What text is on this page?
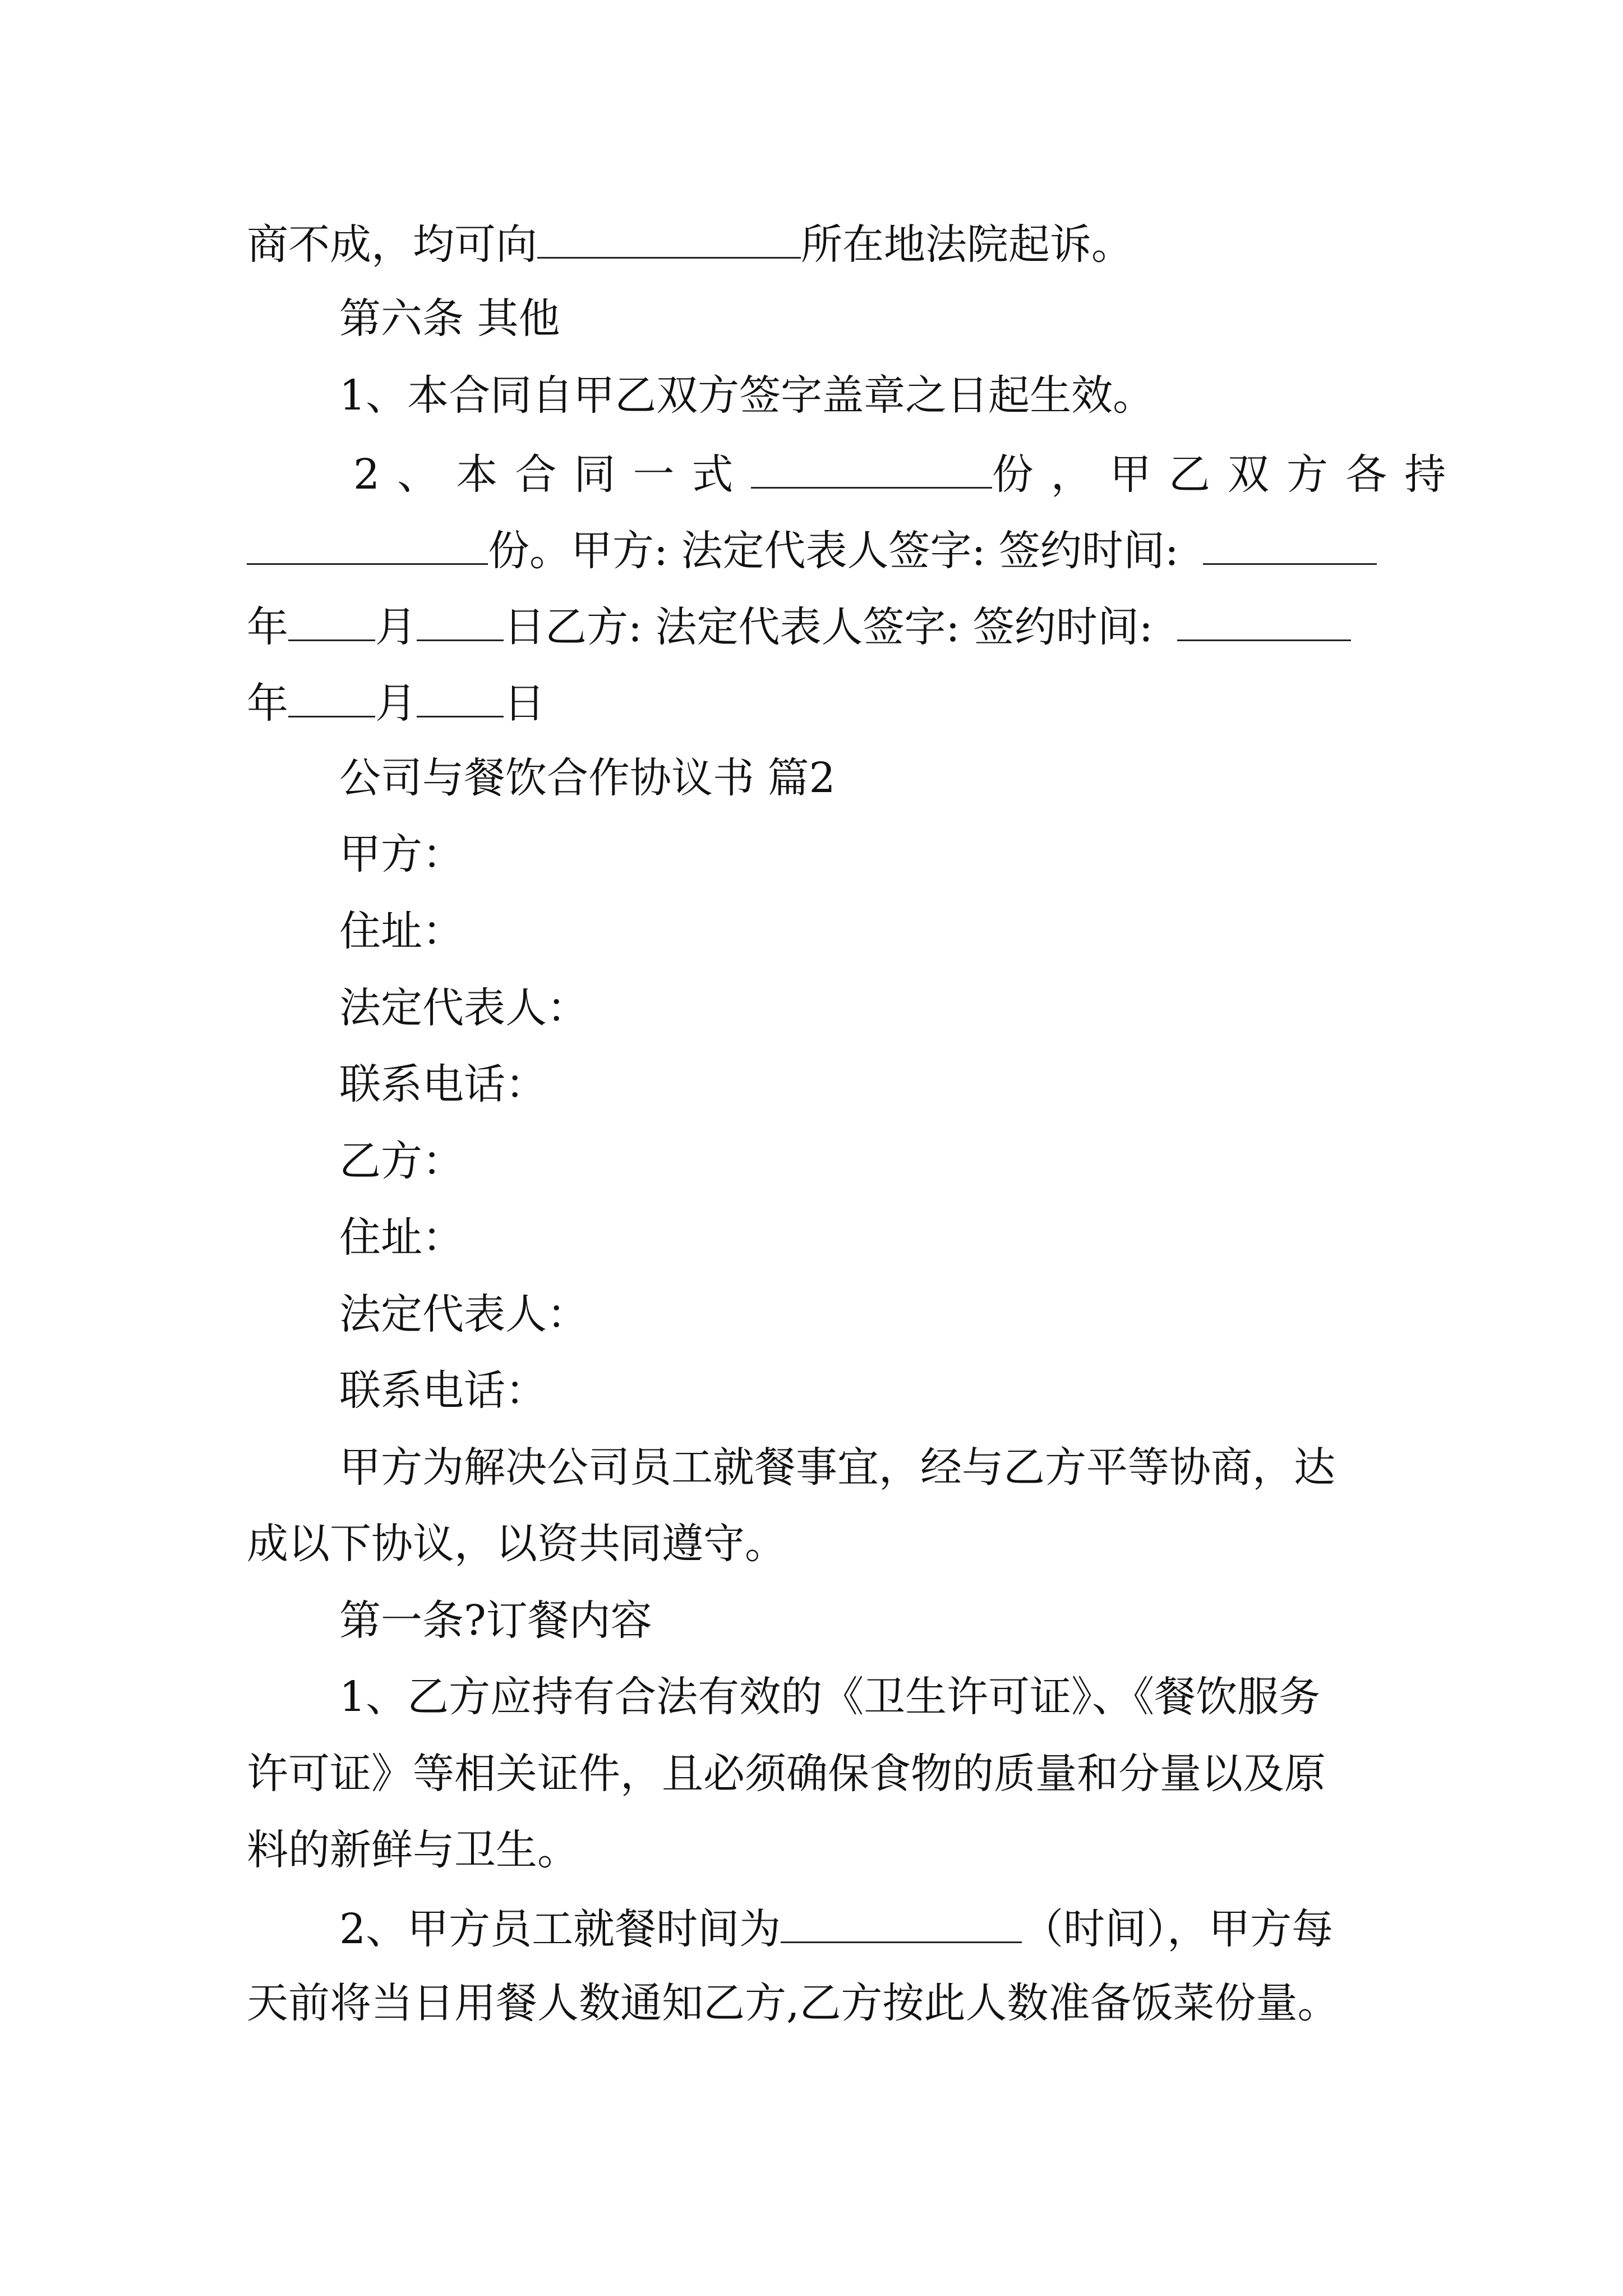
商不成，均可向	所在地法院起诉。
第六条 其他
1、本合同自甲乙双方签字盖章之日起生效。
2、本合同一式	份，甲乙双方各持
份。甲方: 法定代表人签字: 签约时间:
年 月 日乙方: 法定代表人签字: 签约时间:
年 月 日
公司与餐饮合作协议书 篇2
甲方：
住址：
法定代表人：
联系电话：
乙方：
住址：
法定代表人：
联系电话：
甲方为解决公司员工就餐事宜，经与乙方平等协商，达
成以下协议，以资共同遵守。
第一条?订餐内容
1、乙方应持有合法有效的《卫生许可证》、《餐饮服务
许可证》等相关证件，且必须确保食物的质量和分量以及原
料的新鲜与卫生。
2、甲方员工就餐时间为	（时间），甲方每
天前将当日用餐人数通知乙方,乙方按此人数准备饭菜份量。
